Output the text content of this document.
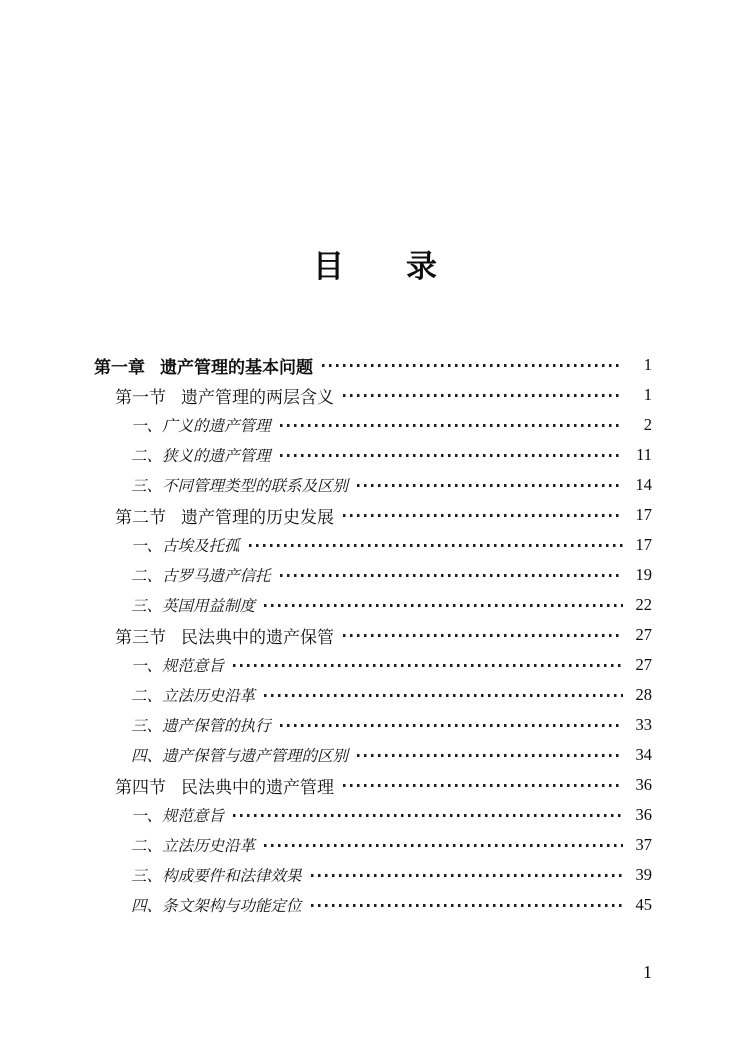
目 录
第一章 遗产管理的基本问题	1
第一节 遗产管理的两层含义	1
一、 广义的遗产管理	2
二、 狭义的遗产管理	11
三、 不同管理类型的联系及区别	14
第二节 遗产管理的历史发展	17
一、 古埃及托孤	17
二、 古罗马遗产信托	19
三、 英国用益制度	22
第三节 民法典中的遗产保管	27
一、 规范意旨	27
二、 立法历史沿革	28
三、 遗产保管的执行	33
四、 遗产保管与遗产管理的区别	34
第四节 民法典中的遗产管理	36
一、 规范意旨	36
二、 立法历史沿革	37
三、 构成要件和法律效果	39
四、 条文架构与功能定位	45
1
